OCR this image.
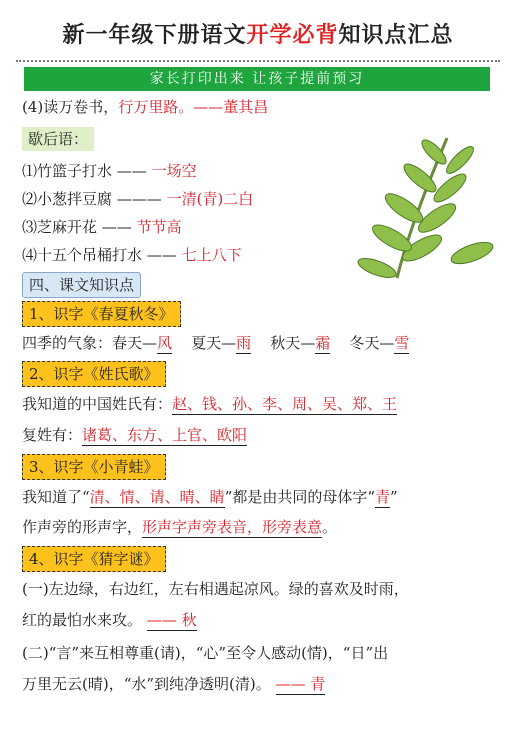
新一年级下册语文开学必背知识点汇总
家长打印出来 让孩子提前预习
(4)读万卷书，行万里路。——董其昌
歇后语：
⑴竹篮子打水 —— 一场空
⑵小葱拌豆腐 ——— 一清(青)二白
⑶芝麻开花 —— 节节高
⑷十五个吊桶打水 —— 七上八下
四、课文知识点
1、识字《春夏秋冬》
四季的气象：春天—风 夏天—雨 秋天—霜 冬天—雪
2、识字《姓氏歌》
我知道的中国姓氏有：赵、钱、孙、李、周、吴、郑、王
复姓有：诸葛、东方、上官、欧阳
3、识字《小青蛙》
我知道了“清、情、请、晴、睛”都是由共同的母体字“青”
作声旁的形声字，形声字声旁表音，形旁表意。
4、识字《猜字谜》
(一)左边绿，右边红，左右相遇起凉风。绿的喜欢及时雨，
红的最怕水来攻。 —— 秋
(二)“言”来互相尊重(请)，“心”至令人感动(情)，“日”出
万里无云(晴)，“水”到纯净透明(清)。 —— 青
